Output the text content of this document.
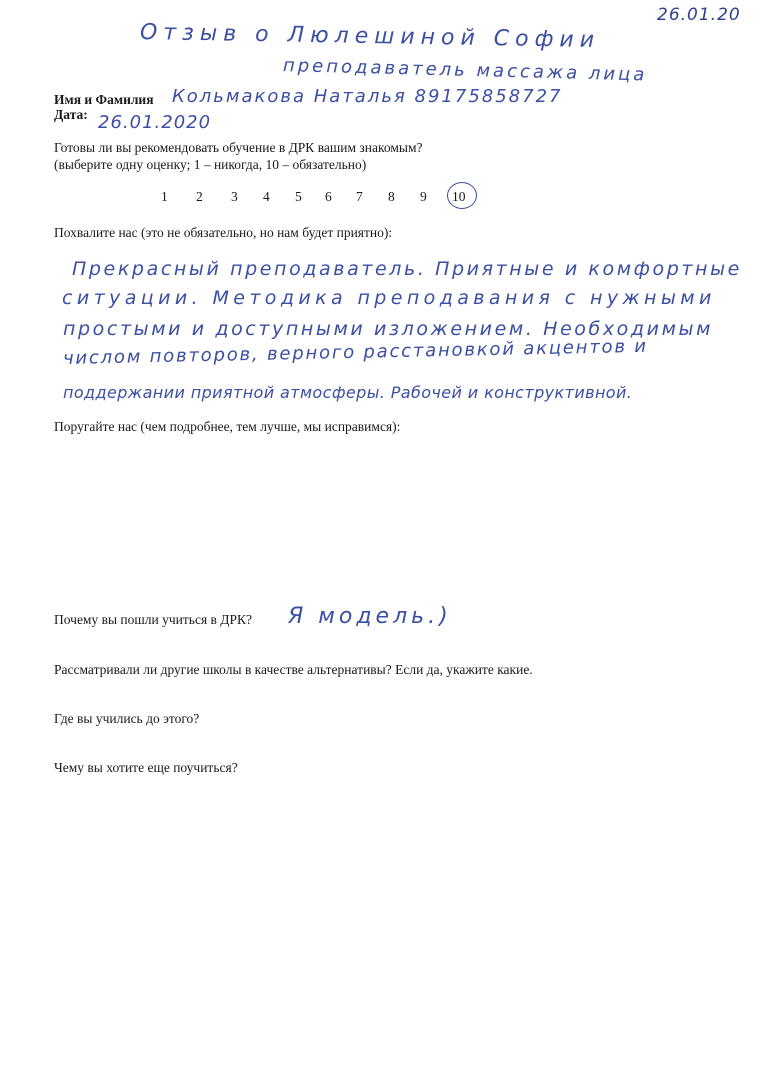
26.01.20
Отзыв о Люлешиной Софии
преподаватель массажа лица
Имя и Фамилия Кольмакова Наталья 89175858727
Дата: 26.01.2020
Готовы ли вы рекомендовать обучение в ДРК вашим знакомым?
(выберите одну оценку; 1 – никогда, 10 – обязательно)
1 2 3 4 5 6 7 8 9 10
Похвалите нас (это не обязательно, но нам будет приятно):
Прекрасный преподаватель. Приятные и комфортные
ситуации. Методика преподавания с нужными
простыми и доступными изложением. Необходимым
числом повторов, верного расстановкой акцентов и
поддержании приятной атмосферы. Рабочей и конструктивной.
Поругайте нас (чем подробнее, тем лучше, мы исправимся):
Почему вы пошли учиться в ДРК? Я модель.)
Рассматривали ли другие школы в качестве альтернативы? Если да, укажите какие.
Где вы учились до этого?
Чему вы хотите еще поучиться?
